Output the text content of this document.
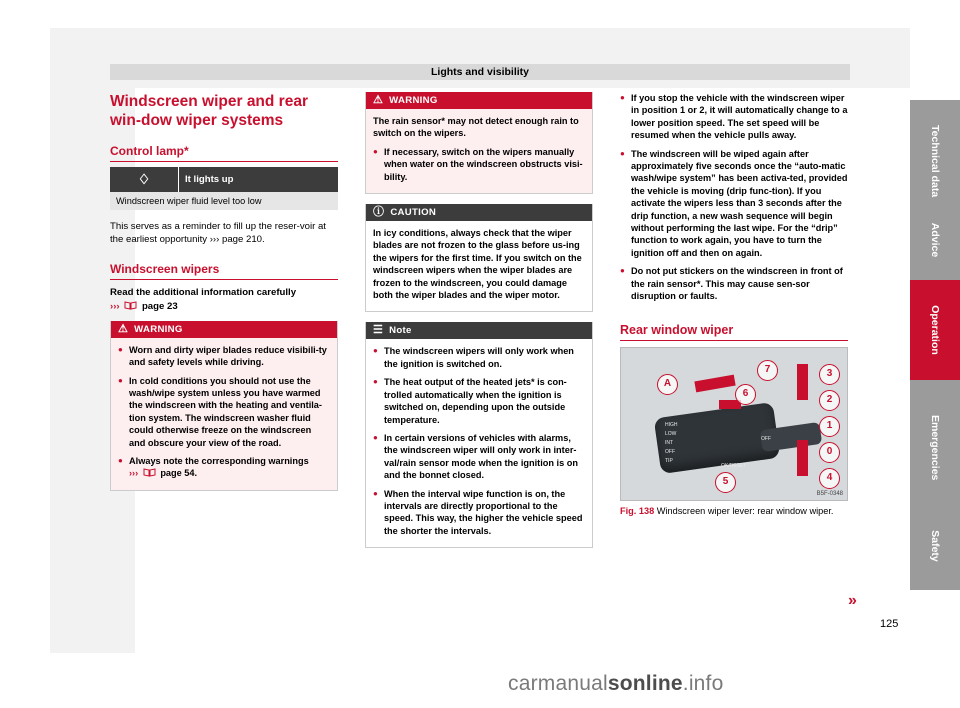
Lights and visibility
Windscreen wiper and rear win-dow wiper systems
Control lamp*
♢	It lights up
Windscreen wiper fluid level too low

This serves as a reminder to fill up the reser-voir at the earliest opportunity ››› page 210.

Windscreen wipers

Read the additional information carefully
››› page 23

⚠ WARNING
● Worn and dirty wiper blades reduce visibili-ty and safety levels while driving.
● In cold conditions you should not use the wash/wipe system unless you have warmed the windscreen with the heating and ventila-tion system. The windscreen washer fluid could otherwise freeze on the windscreen and obscure your view of the road.
● Always note the corresponding warnings
››› page 54.
⚠ WARNING
The rain sensor* may not detect enough rain to switch on the wipers.
● If necessary, switch on the wipers manually when water on the windscreen obstructs visi-bility.
ⓘ CAUTION
In icy conditions, always check that the wiper blades are not frozen to the glass before us-ing the wipers for the first time. If you switch on the windscreen wipers when the wiper blades are frozen to the windscreen, you could damage both the wiper blades and the wiper motor.
☰ Note
● The windscreen wipers will only work when the ignition is switched on.
● The heat output of the heated jets* is con-trolled automatically when the ignition is switched on, depending upon the outside temperature.
● In certain versions of vehicles with alarms, the windscreen wiper will only work in inter-val/rain sensor mode when the ignition is on and the bonnet closed.
● When the interval wipe function is on, the intervals are directly proportional to the speed. This way, the higher the vehicle speed the shorter the intervals.
● If you stop the vehicle with the windscreen wiper in position 1 or 2, it will automatically change to a lower position speed. The set speed will be resumed when the vehicle pulls away.
● The windscreen will be wiped again after approximately five seconds once the “auto-matic wash/wipe system” has been activa-ted, provided the vehicle is moving (drip func-tion). If you activate the wipers less than 3 seconds after the drip function, a new wash sequence will begin without performing the last wipe. For the “drip” function to work again, you have to turn the ignition off and then on again.
● Do not put stickers on the windscreen in front of the rain sensor*. This may cause sen-sor disruption or faults.
Rear window wiper
HIGH
LOW
INT
OFF
TIP
OK/RESET
OFF
A
7
6
3
2
1
0
4
5
B5F-0348
Fig. 138 Windscreen wiper lever: rear window wiper.
Technical data
Advice
Operation
Emergencies
Safety
»
125
carmanualsonline.info
